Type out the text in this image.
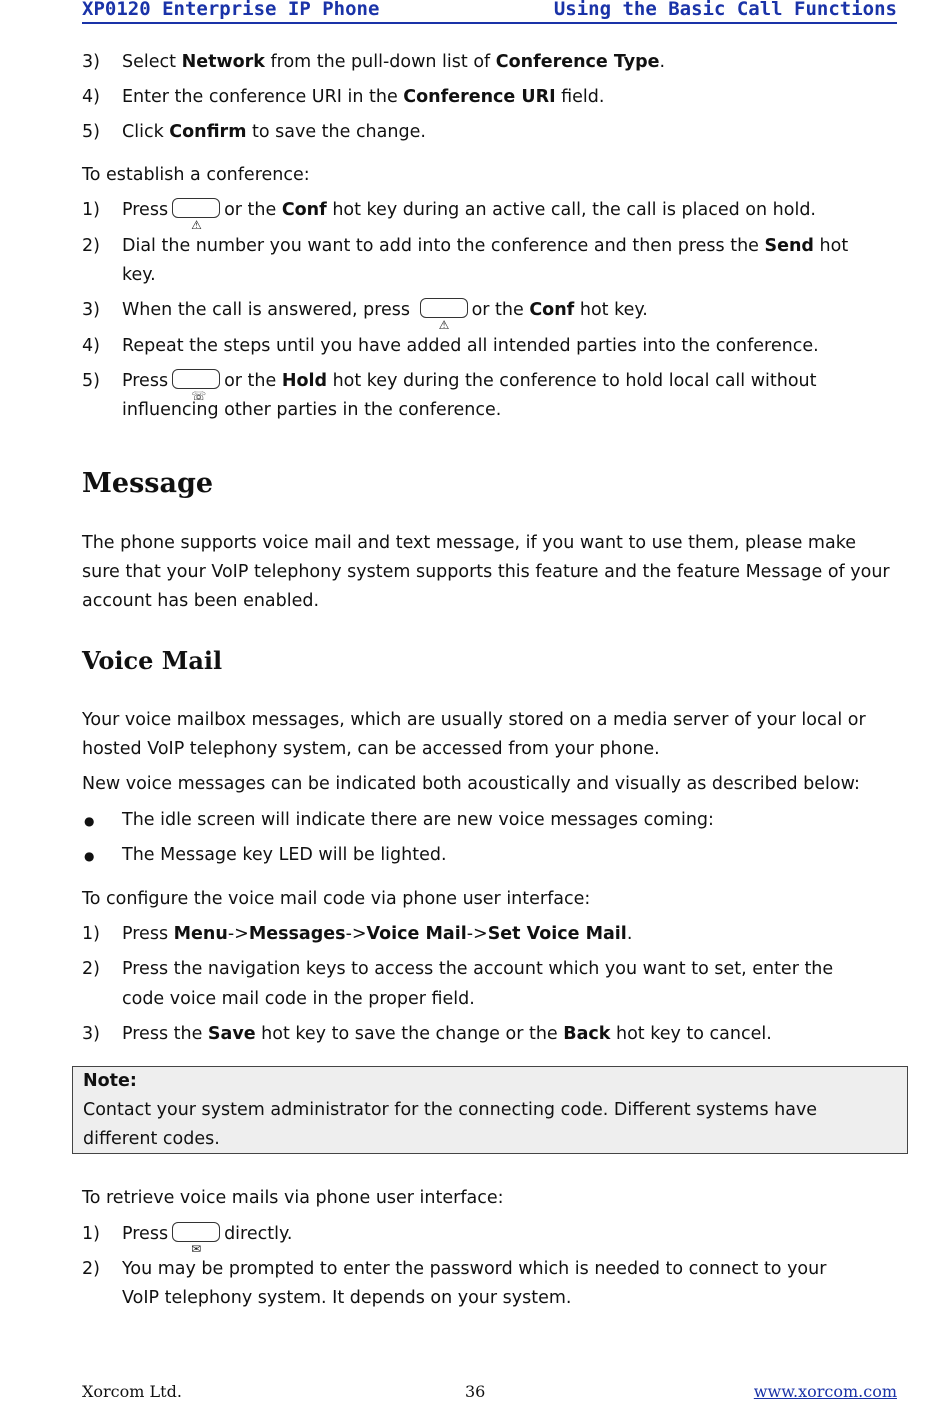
XP0120 Enterprise IP Phone	Using the Basic Call Functions
3) Select Network from the pull-down list of Conference Type.
4) Enter the conference URI in the Conference URI field.
5) Click Confirm to save the change.
To establish a conference:
1) Press
⚠
or the Conf hot key during an active call, the call is placed on hold.
2) Dial the number you want to add into the conference and then press the Send hot
key.
3) When the call is answered, press
⚠
or the Conf hot key.
4) Repeat the steps until you have added all intended parties into the conference.
5) Press
☏
or the Hold hot key during the conference to hold local call without
influencing other parties in the conference.
Message
The phone supports voice mail and text message, if you want to use them, please make sure that your VoIP telephony system supports this feature and the feature Message of your account has been enabled.
Voice Mail
Your voice mailbox messages, which are usually stored on a media server of your local or hosted VoIP telephony system, can be accessed from your phone.
New voice messages can be indicated both acoustically and visually as described below:
● The idle screen will indicate there are new voice messages coming:
● The Message key LED will be lighted.
To configure the voice mail code via phone user interface:
1) Press Menu->Messages->Voice Mail->Set Voice Mail.
2) Press the navigation keys to access the account which you want to set, enter the
code voice mail code in the proper field.
3) Press the Save hot key to save the change or the Back hot key to cancel.
Note:
Contact your system administrator for the connecting code. Different systems have different codes.
To retrieve voice mails via phone user interface:
1) Press
✉
directly.
2) You may be prompted to enter the password which is needed to connect to your
VoIP telephony system. It depends on your system.
Xorcom Ltd.	36	www.xorcom.com
